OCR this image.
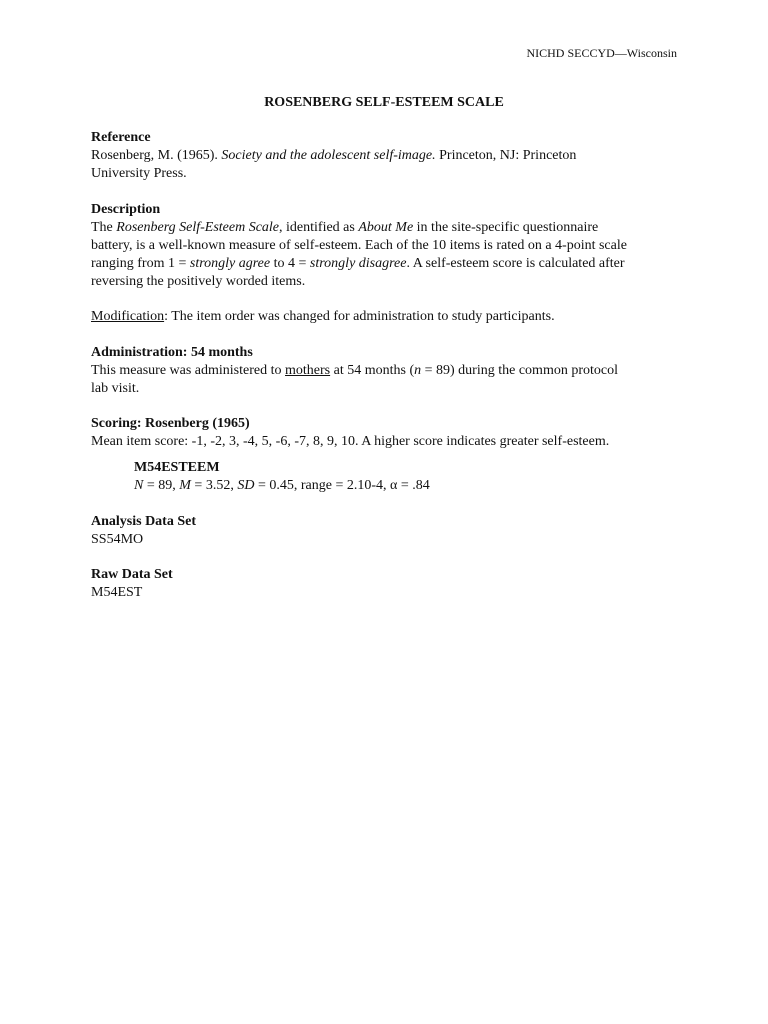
NICHD SECCYD—Wisconsin
ROSENBERG SELF-ESTEEM SCALE
Reference
Rosenberg, M. (1965). Society and the adolescent self-image. Princeton, NJ: Princeton
University Press.
Description
The Rosenberg Self-Esteem Scale, identified as About Me in the site-specific questionnaire
battery, is a well-known measure of self-esteem. Each of the 10 items is rated on a 4-point scale
ranging from 1 = strongly agree to 4 = strongly disagree. A self-esteem score is calculated after
reversing the positively worded items.
Modification: The item order was changed for administration to study participants.
Administration: 54 months
This measure was administered to mothers at 54 months (n = 89) during the common protocol
lab visit.
Scoring: Rosenberg (1965)
Mean item score: -1, -2, 3, -4, 5, -6, -7, 8, 9, 10. A higher score indicates greater self-esteem.
M54ESTEEM
N = 89, M = 3.52, SD = 0.45, range = 2.10-4, α = .84
Analysis Data Set
SS54MO
Raw Data Set
M54EST
